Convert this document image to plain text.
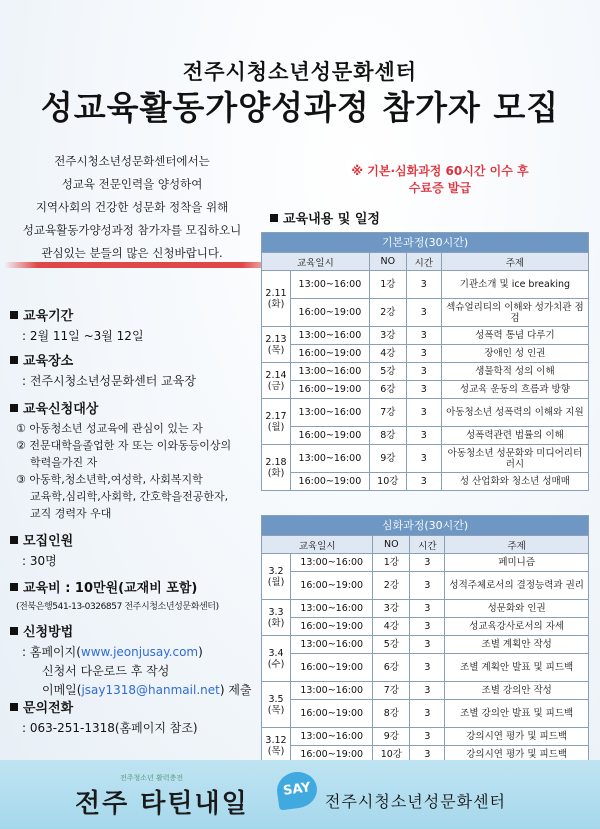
전주시청소년성문화센터
성교육활동가양성과정 참가자 모집
전주시청소년성문화센터에서는
성교육 전문인력을 양성하여
지역사회의 건강한 성문화 정착을 위해
성교육활동가양성과정 참가자를 모집하오니
관심있는 분들의 많은 신청바랍니다.
※ 기본·심화과정 60시간 이수 후
수료증 발급
교육내용 및 일정

교육기간

: 2월 11일 ~3월 12일

교육장소

: 전주시청소년성문화센터 교육장

교육신청대상

① 아동청소년 성교육에 관심이 있는 자
② 전문대학을졸업한 자 또는 이와동등이상의
학력을가진 자
③ 아동학,청소년학,여성학, 사회복지학
교육학,심리학,사회학, 간호학을전공한자,
교직 경력자 우대

모집인원

: 30명

교육비 : 10만원(교재비 포함)

(전북은행541-13-0326857 전주시청소년성문화센터)

신청방법

: 홈페이지(www.jeonjusay.com)

신청서 다운로드 후 작성

이메일(jsay1318@hanmail.net) 제출

문의전화

: 063-251-1318(홈페이지 참조)

기본과정(30시간)				
교육일시		NO	시간	주제

2.11
(화)	13:00~16:00	1강	3	기관소개 및 ice breaking
	16:00~19:00	2강	3	섹슈얼리티의 이해와 성가치관 점검

2.13
(목)	13:00~16:00	3강	3	성폭력 통념 다루기
	16:00~19:00	4강	3	장애인 성 인권

2.14
(금)	13:00~16:00	5강	3	생물학적 성의 이해
	16:00~19:00	6강	3	성교육 운동의 흐름과 방향

2.17
(월)	13:00~16:00	7강	3	아동청소년 성폭력의 이해와 지원
	16:00~19:00	8강	3	성폭력관련 법률의 이해

2.18
(화)	13:00~16:00	9강	3	아동청소년 성문화와 미디어리터러시
	16:00~19:00	10강	3	성 산업화와 청소년 성매매
심화과정(30시간)				
교육일시		NO	시간	주제

3.2
(월)	13:00~16:00	1강	3	페미니즘
	16:00~19:00	2강	3	성적주체로서의 결정능력과 권리

3.3
(화)	13:00~16:00	3강	3	성문화와 인권
	16:00~19:00	4강	3	성교육강사로서의 자세

3.4
(수)	13:00~16:00	5강	3	조별 계획안 작성
	16:00~19:00	6강	3	조별 계획안 발표 및 피드백

3.5
(목)	13:00~16:00	7강	3	조별 강의안 작성
	16:00~19:00	8강	3	조별 강의안 발표 및 피드백

3.12
(목)	13:00~16:00	9강	3	강의시연 평가 및 피드백
	16:00~19:00	10강	3	강의시연 평가 및 피드백
전주청소년 활력충전
전주 타틴내일	SAY
전주시청소년성문화센터
